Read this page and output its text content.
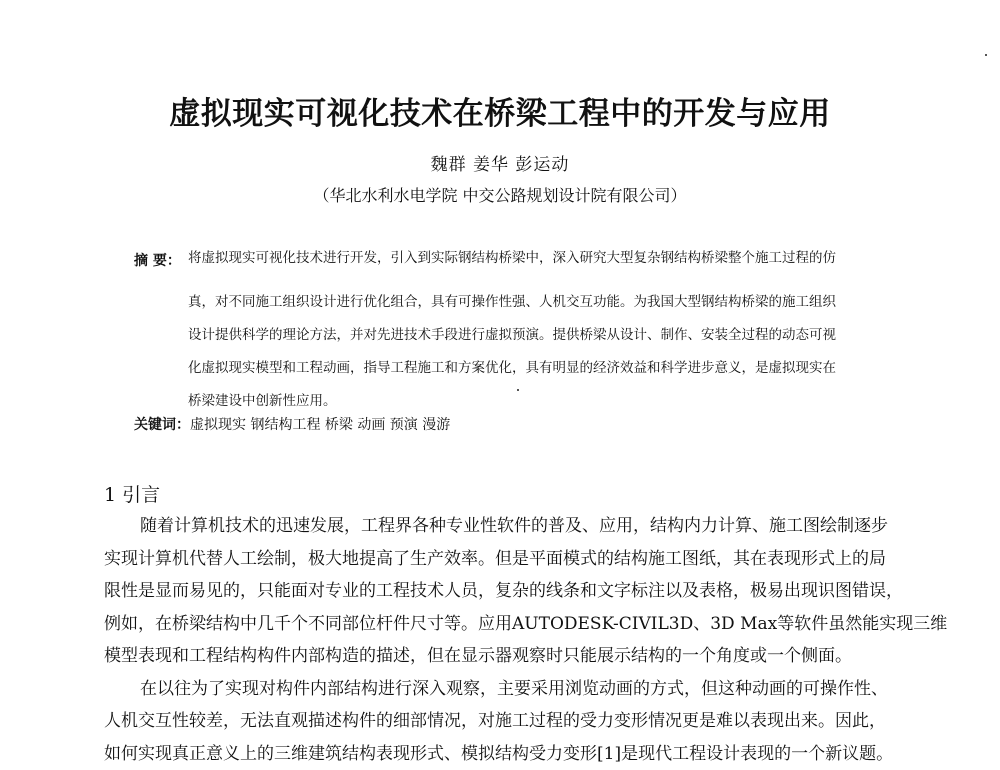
虚拟现实可视化技术在桥梁工程中的开发与应用
魏群 姜华 彭运动
（华北水利水电学院 中交公路规划设计院有限公司）
摘 要： 将虚拟现实可视化技术进行开发，引入到实际钢结构桥梁中，深入研究大型复杂钢结构桥梁整个施工过程的仿
真，对不同施工组织设计进行优化组合，具有可操作性强、人机交互功能。为我国大型钢结构桥梁的施工组织
设计提供科学的理论方法，并对先进技术手段进行虚拟预演。提供桥梁从设计、制作、安装全过程的动态可视
化虚拟现实模型和工程动画，指导工程施工和方案优化，具有明显的经济效益和科学进步意义，是虚拟现实在
桥梁建设中创新性应用。
关键词：虚拟现实 钢结构工程 桥梁 动画 预演 漫游
1 引言
随着计算机技术的迅速发展，工程界各种专业性软件的普及、应用，结构内力计算、施工图绘制逐步
实现计算机代替人工绘制，极大地提高了生产效率。但是平面模式的结构施工图纸，其在表现形式上的局
限性是显而易见的，只能面对专业的工程技术人员，复杂的线条和文字标注以及表格，极易出现识图错误，
例如，在桥梁结构中几千个不同部位杆件尺寸等。应用AUTODESK-CIVIL3D、3D Max等软件虽然能实现三维
模型表现和工程结构构件内部构造的描述，但在显示器观察时只能展示结构的一个角度或一个侧面。
在以往为了实现对构件内部结构进行深入观察，主要采用浏览动画的方式，但这种动画的可操作性、
人机交互性较差，无法直观描述构件的细部情况，对施工过程的受力变形情况更是难以表现出来。因此，
如何实现真正意义上的三维建筑结构表现形式、模拟结构受力变形[1]是现代工程设计表现的一个新议题。
